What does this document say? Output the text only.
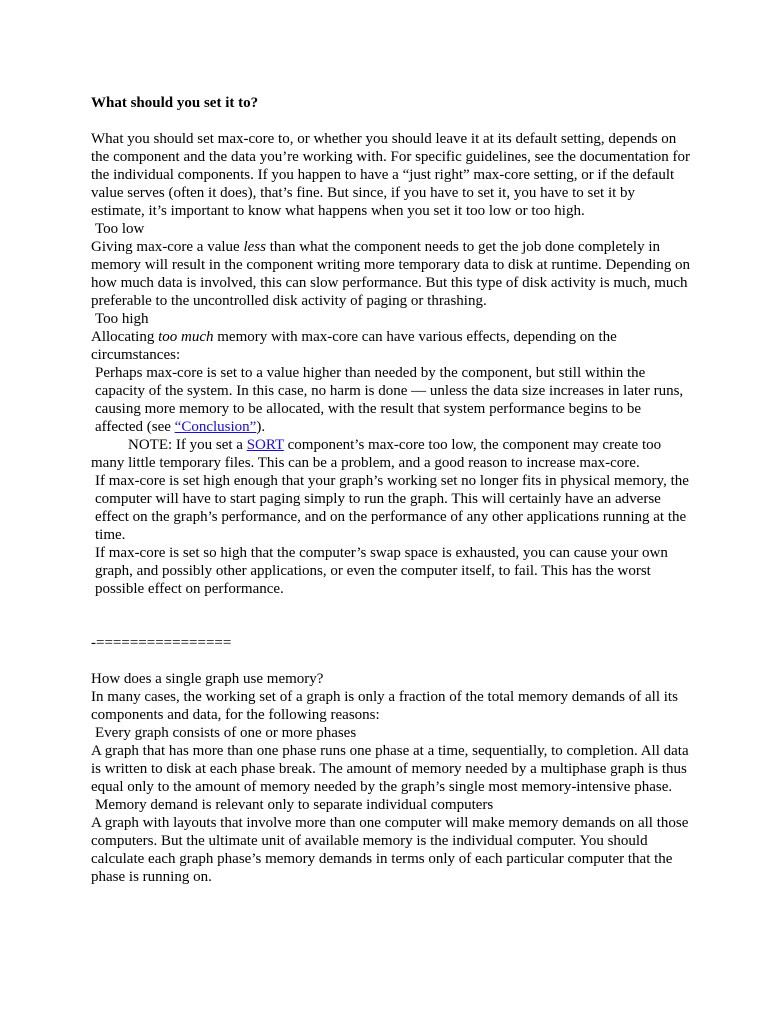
What should you set it to?

What you should set max-core to, or whether you should leave it at its default setting, depends on the component and the data you’re working with. For specific guidelines, see the documentation for the individual components. If you happen to have a “just right” max-core setting, or if the default value serves (often it does), that’s fine. But since, if you have to set it, you have to set it by estimate, it’s important to know what happens when you set it too low or too high.

Too low

Giving max-core a value less than what the component needs to get the job done completely in memory will result in the component writing more temporary data to disk at runtime. Depending on how much data is involved, this can slow performance. But this type of disk activity is much, much preferable to the uncontrolled disk activity of paging or thrashing.

Too high

Allocating too much memory with max-core can have various effects, depending on the circumstances:

Perhaps max-core is set to a value higher than needed by the component, but still within the capacity of the system. In this case, no harm is done — unless the data size increases in later runs, causing more memory to be allocated, with the result that system performance begins to be affected (see “Conclusion”).

NOTE: If you set a SORT component’s max-core too low, the component may create too many little temporary files. This can be a problem, and a good reason to increase max-core.

If max-core is set high enough that your graph’s working set no longer fits in physical memory, the computer will have to start paging simply to run the graph. This will certainly have an adverse effect on the graph’s performance, and on the performance of any other applications running at the time.

If max-core is set so high that the computer’s swap space is exhausted, you can cause your own graph, and possibly other applications, or even the computer itself, to fail. This has the worst possible effect on performance.

-================

How does a single graph use memory?

In many cases, the working set of a graph is only a fraction of the total memory demands of all its components and data, for the following reasons:

Every graph consists of one or more phases

A graph that has more than one phase runs one phase at a time, sequentially, to completion. All data is written to disk at each phase break. The amount of memory needed by a multiphase graph is thus equal only to the amount of memory needed by the graph’s single most memory-intensive phase.

Memory demand is relevant only to separate individual computers

A graph with layouts that involve more than one computer will make memory demands on all those computers. But the ultimate unit of available memory is the individual computer. You should calculate each graph phase’s memory demands in terms only of each particular computer that the phase is running on.
